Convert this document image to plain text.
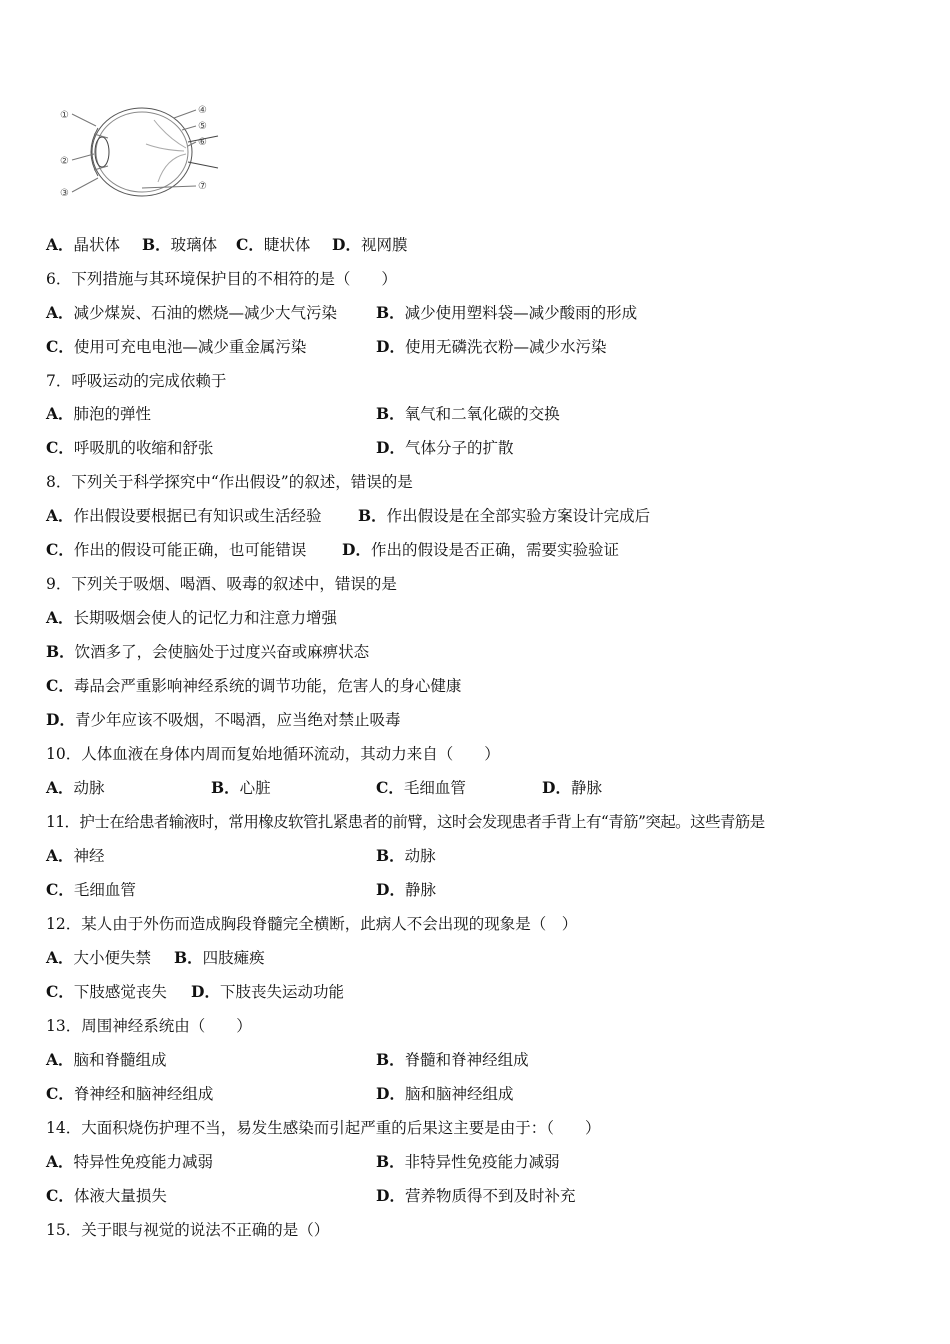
①
②
③
④
⑤
⑥
⑦
A．晶状体 B．玻璃体 C．睫状体 D．视网膜
6．下列措施与其环境保护目的不相符的是（　　）
A．减少煤炭、石油的燃烧—减少大气污染	B．减少使用塑料袋—减少酸雨的形成
C．使用可充电电池—减少重金属污染	D．使用无磷洗衣粉—减少水污染
7．呼吸运动的完成依赖于
A．肺泡的弹性	B．氧气和二氧化碳的交换
C．呼吸肌的收缩和舒张	D．气体分子的扩散
8．下列关于科学探究中“作出假设”的叙述，错误的是
A．作出假设要根据已有知识或生活经验 B．作出假设是在全部实验方案设计完成后
C．作出的假设可能正确，也可能错误 D．作出的假设是否正确，需要实验验证
9．下列关于吸烟、喝酒、吸毒的叙述中，错误的是
A．长期吸烟会使人的记忆力和注意力增强
B．饮酒多了，会使脑处于过度兴奋或麻痹状态
C．毒品会严重影响神经系统的调节功能，危害人的身心健康
D．青少年应该不吸烟，不喝酒，应当绝对禁止吸毒
10．人体血液在身体内周而复始地循环流动，其动力来自（　　）
A．动脉	B．心脏	C．毛细血管	D．静脉
11．护士在给患者输液时，常用橡皮软管扎紧患者的前臂，这时会发现患者手背上有“青筋”突起。这些青筋是
A．神经	B．动脉
C．毛细血管	D．静脉
12．某人由于外伤而造成胸段脊髓完全横断，此病人不会出现的现象是（　）
A．大小便失禁 B．四肢瘫痪
C．下肢感觉丧失 D．下肢丧失运动功能
13．周围神经系统由（　　）
A．脑和脊髓组成	B．脊髓和脊神经组成
C．脊神经和脑神经组成	D．脑和脑神经组成
14．大面积烧伤护理不当，易发生感染而引起严重的后果这主要是由于：（　　）
A．特异性免疫能力减弱	B．非特异性免疫能力减弱
C．体液大量损失	D．营养物质得不到及时补充
15．关于眼与视觉的说法不正确的是（）
